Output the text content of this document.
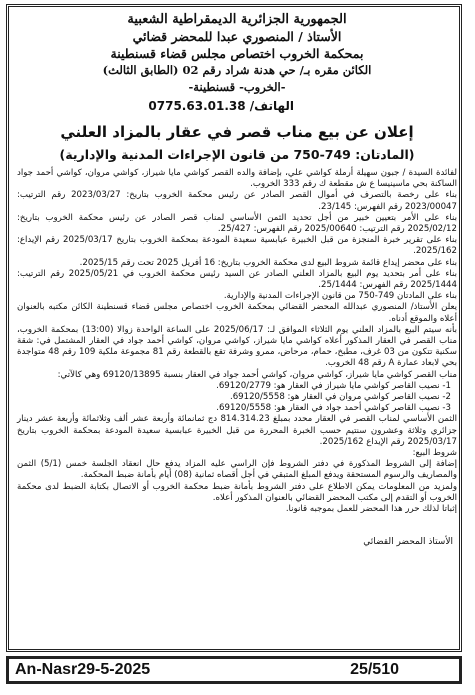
الجمهورية الجزائرية الديمقراطية الشعبية
الأستاذ / المنصوري عبدا للمحضر قضائي
بمحكمة الخروب اختصاص مجلس قضاء قسنطينة
الكائن مقره بـ/ حي هدنة شراد رقم 02 (الطابق الثالث)
-الخروب- قسنطينة-
الهاتف/ 0775.63.01.38
إعلان عن بيع مناب قصر في عقار بالمزاد العلني
(المادتان: 749-750 من قانون الإجراءات المدنية والإدارية)

لفائدة السيدة / جبون سهيلة أرملة كواشي علي، بإضافة والده القصر كواشي مايا شيراز، كواشي مروان، كواشي أحمد جواد الساكنة بحي ماسينيسا ع ش مقطعة ك رقم 333 الخروب.

بناء على رخصة بالتصرف في أموال القصر الصادر عن رئيس محكمة الخروب بتاريخ: 2023/03/27 رقم الترتيب: 2023/00047 رقم الفهرس: 23/145.

بناء على الأمر بتعيين خبير من أجل تحديد الثمن الأساسي لمناب قصر الصادر عن رئيس محكمة الخروب بتاريخ: 2025/02/12 رقم الترتيب: 2025/00640 رقم الفهرس: 25/427.

بناء على تقرير خبرة المنجزة من قبل الخبيرة عبابسية سعيدة المودعة بمحكمة الخروب بتاريخ 2025/03/17 رقم الإيداع: 2025/162.

بناء على محضر إيداع قائمة شروط البيع لدى محكمة الخروب بتاريخ: 16 أفريل 2025 تحت رقم 2025/15.

بناء على أمر بتحديد يوم البيع بالمزاد العلني الصادر عن السيد رئيس محكمة الخروب في 2025/05/21 رقم الترتيب: 2025/1444 رقم الفهرس: 25/1444.

بناء على المادتان 749-750 من قانون الإجراءات المدنية والإدارية.

يعلن الأستاذ/ المنصوري عبدالله المحضر القضائي بمحكمة الخروب اختصاص مجلس قضاء قسنطينة الكائن مكتبه بالعنوان أعلاه والموقع أدناه.

بأنه سيتم البيع بالمزاد العلني يوم الثلاثاء الموافق لـ: 2025/06/17 على الساعة الواحدة زوالا (13:00) بمحكمة الخروب، مناب القصر في العقار المذكور أعلاه كواشي مايا شيراز، كواشي مروان، كواشي أحمد جواد في العقار المشتمل في: شقة سكنية تتكون من 03 غرف، مطبخ، حمام، مرحاض، ممرو وشرفة تقع بالقطعة رقم 81 مجموعة ملكية 109 رقم 48 متواجدة بحي لابعاد عمارة A رقم 48 الخروب.

مناب القصر كواشي مايا شيراز، كواشي مروان، كواشي أحمد جواد في العقار بنسبة 69120/13895 وهي كالآتي:

1- نصيب القاصر كواشي مايا شيراز في العقار هو: 69120/2779.

2- نصيب القاصر كواشي مروان في العقار هو: 69120/5558.

3- نصيب القاصر كواشي أحمد جواد في العقار هو: 69120/5558.

الثمن الأساسي لمناب القصر في العقار محدد بمبلغ 814.314.23 دج ثمانمائة وأربعة عشر ألف وثلاثمائة وأربعة عشر دينار جزائري وثلاثة وعشرون سنتيم حسب الخبرة المحررة من قبل الخبيرة عبابسية سعيدة المودعة بمحكمة الخروب بتاريخ 2025/03/17 رقم الإيداع 2025/162.

شروط البيع:

إضافة إلى الشروط المذكورة في دفتر الشروط فإن الراسي عليه المزاد يدفع حال انعقاد الجلسة خمس (5/1) الثمن والمصاريف والرسوم المستحقة ويدفع المبلغ المتبقي في أجل أقصاه ثمانية (08) أيام بأمانة ضبط المحكمة.

ولمزيد من المعلومات يمكن الاطلاع على دفتر الشروط بأمانة ضبط محكمة الخروب أو الاتصال بكتابة الضبط لدى محكمة الخروب أو التقدم إلى مكتب المحضر القضائي بالعنوان المذكور أعلاه.

إثباتا لذلك حرر هذا المحضر للعمل بموجبه قانونا.

الأستاذ المحضر القضائي
An-Nasr29-5-2025	25/510
